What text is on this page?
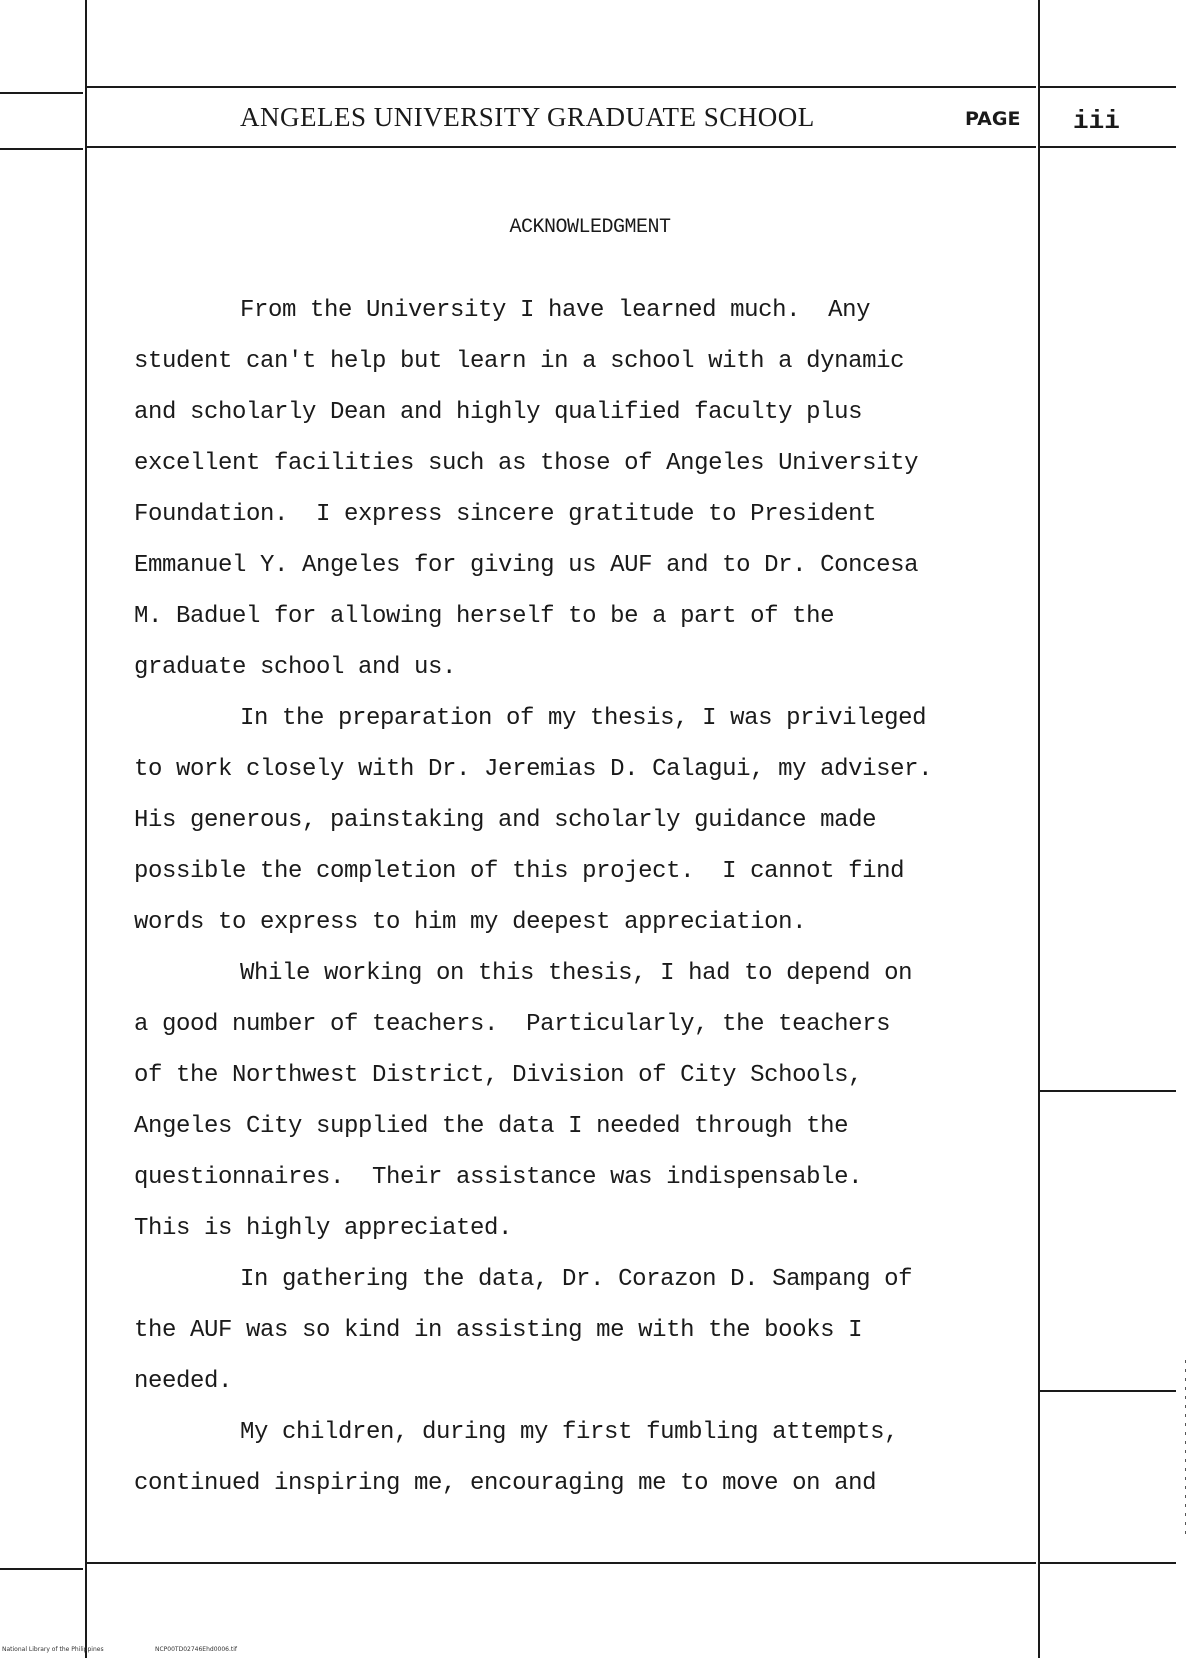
ANGELES UNIVERSITY GRADUATE SCHOOL	PAGE iii
ACKNOWLEDGMENT
From the University I have learned much.  Any
student can't help but learn in a school with a dynamic
and scholarly Dean and highly qualified faculty plus
excellent facilities such as those of Angeles University
Foundation.  I express sincere gratitude to President
Emmanuel Y. Angeles for giving us AUF and to Dr. Concesa
M. Baduel for allowing herself to be a part of the
graduate school and us.
In the preparation of my thesis, I was privileged
to work closely with Dr. Jeremias D. Calagui, my adviser.
His generous, painstaking and scholarly guidance made
possible the completion of this project.  I cannot find
words to express to him my deepest appreciation.
While working on this thesis, I had to depend on
a good number of teachers.  Particularly, the teachers
of the Northwest District, Division of City Schools,
Angeles City supplied the data I needed through the
questionnaires.  Their assistance was indispensable.
This is highly appreciated.
In gathering the data, Dr. Corazon D. Sampang of
the AUF was so kind in assisting me with the books I
needed.
My children, during my first fumbling attempts,
continued inspiring me, encouraging me to move on and
National Library of the Philippines	NCP00TD02746Ehd0006.tif
